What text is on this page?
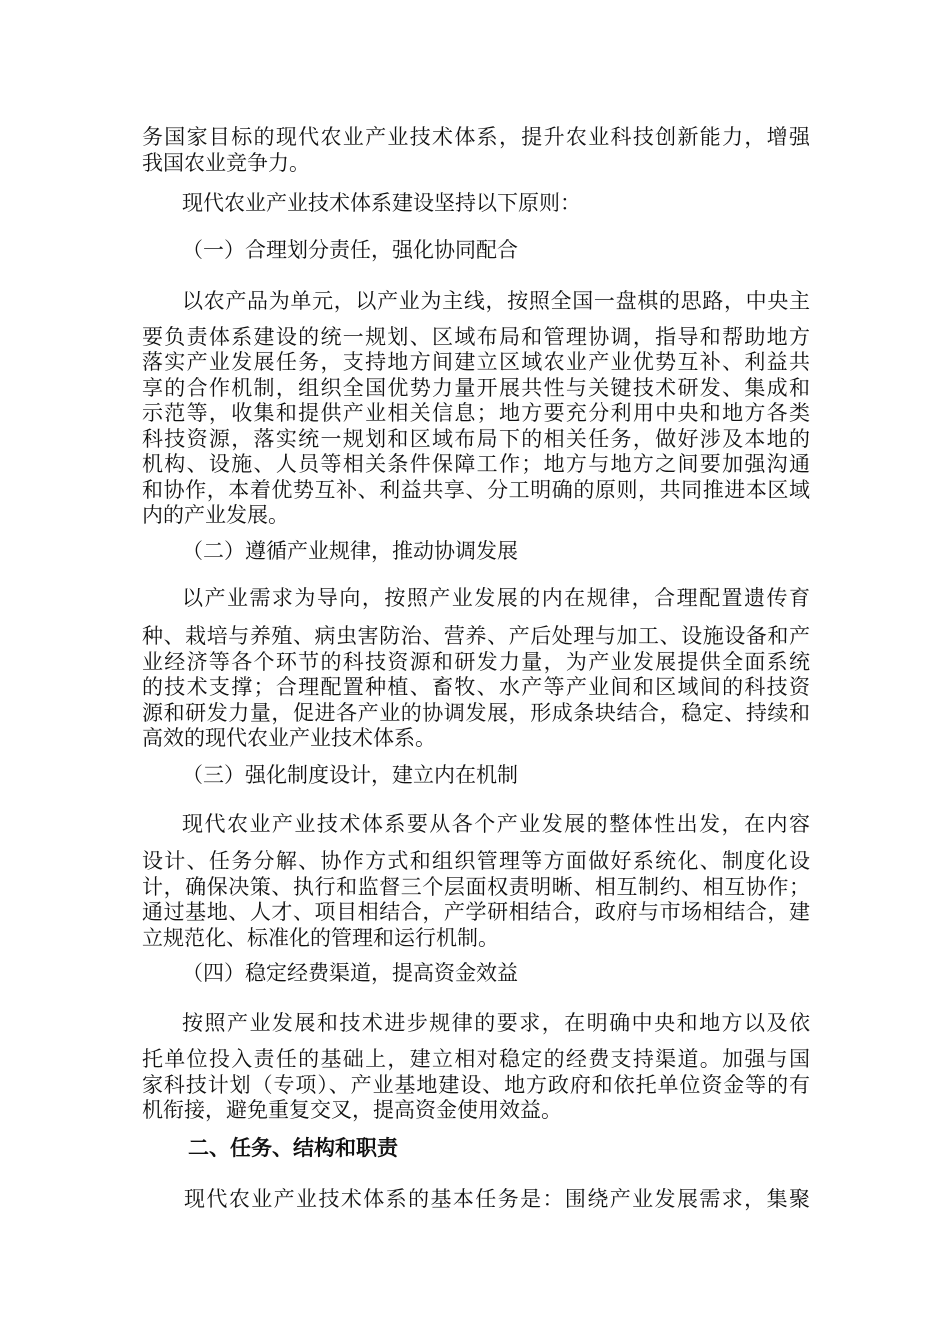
务国家目标的现代农业产业技术体系，提升农业科技创新能力，增强
我国农业竞争力。
现代农业产业技术体系建设坚持以下原则：
（一）合理划分责任，强化协同配合
以农产品为单元，以产业为主线，按照全国一盘棋的思路，中央主
要负责体系建设的统一规划、区域布局和管理协调，指导和帮助地方
落实产业发展任务，支持地方间建立区域农业产业优势互补、利益共
享的合作机制，组织全国优势力量开展共性与关键技术研发、集成和
示范等，收集和提供产业相关信息；地方要充分利用中央和地方各类
科技资源，落实统一规划和区域布局下的相关任务，做好涉及本地的
机构、设施、人员等相关条件保障工作；地方与地方之间要加强沟通
和协作，本着优势互补、利益共享、分工明确的原则，共同推进本区域
内的产业发展。
（二）遵循产业规律，推动协调发展
以产业需求为导向，按照产业发展的内在规律，合理配置遗传育
种、栽培与养殖、病虫害防治、营养、产后处理与加工、设施设备和产
业经济等各个环节的科技资源和研发力量，为产业发展提供全面系统
的技术支撑；合理配置种植、畜牧、水产等产业间和区域间的科技资
源和研发力量，促进各产业的协调发展，形成条块结合，稳定、持续和
高效的现代农业产业技术体系。
（三）强化制度设计，建立内在机制
现代农业产业技术体系要从各个产业发展的整体性出发，在内容
设计、任务分解、协作方式和组织管理等方面做好系统化、制度化设
计，确保决策、执行和监督三个层面权责明晰、相互制约、相互协作；
通过基地、人才、项目相结合，产学研相结合，政府与市场相结合，建
立规范化、标准化的管理和运行机制。
（四）稳定经费渠道，提高资金效益
按照产业发展和技术进步规律的要求，在明确中央和地方以及依
托单位投入责任的基础上，建立相对稳定的经费支持渠道。加强与国
家科技计划（专项）、产业基地建设、地方政府和依托单位资金等的有
机衔接，避免重复交叉，提高资金使用效益。
二、任务、结构和职责
现代农业产业技术体系的基本任务是：围绕产业发展需求，集聚
